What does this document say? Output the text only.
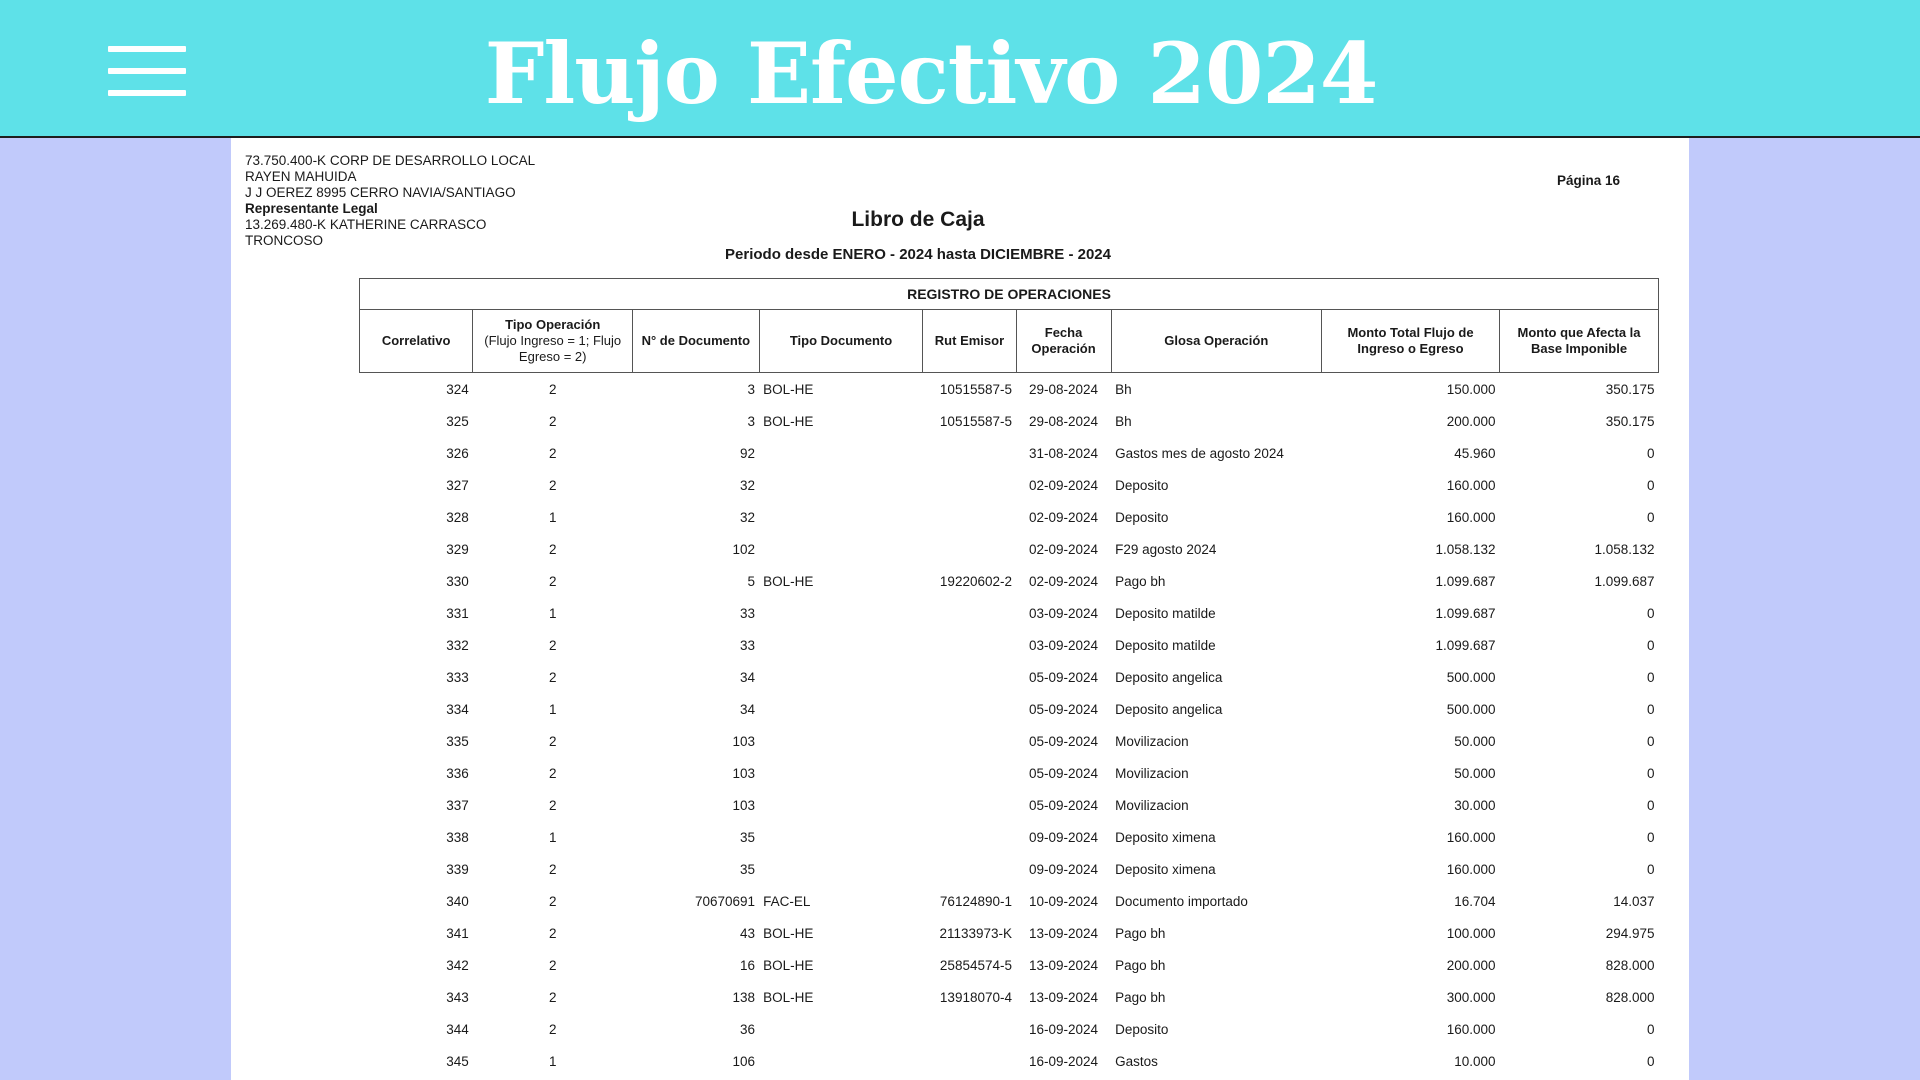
Flujo Efectivo 2024
73.750.400-K CORP DE DESARROLLO LOCAL
RAYEN MAHUIDA
J J OEREZ 8995 CERRO NAVIA/SANTIAGO
Representante Legal
13.269.480-K KATHERINE CARRASCO
TRONCOSO
Página 16
Libro de Caja
Periodo desde ENERO - 2024 hasta DICIEMBRE - 2024
REGISTRO DE OPERACIONES								
Correlativo	Tipo Operación
(Flujo Ingreso = 1; Flujo Egreso = 2)	N° de Documento	Tipo Documento	Rut Emisor	Fecha Operación	Glosa Operación	Monto Total Flujo de Ingreso o Egreso	Monto que Afecta la Base Imponible
324	2	3	BOL-HE	10515587-5	29-08-2024	Bh	150.000	350.175
325	2	3	BOL-HE	10515587-5	29-08-2024	Bh	200.000	350.175
326	2	92			31-08-2024	Gastos mes de agosto 2024	45.960	0
327	2	32			02-09-2024	Deposito	160.000	0
328	1	32			02-09-2024	Deposito	160.000	0
329	2	102			02-09-2024	F29 agosto 2024	1.058.132	1.058.132
330	2	5	BOL-HE	19220602-2	02-09-2024	Pago bh	1.099.687	1.099.687
331	1	33			03-09-2024	Deposito matilde	1.099.687	0
332	2	33			03-09-2024	Deposito matilde	1.099.687	0
333	2	34			05-09-2024	Deposito angelica	500.000	0
334	1	34			05-09-2024	Deposito angelica	500.000	0
335	2	103			05-09-2024	Movilizacion	50.000	0
336	2	103			05-09-2024	Movilizacion	50.000	0
337	2	103			05-09-2024	Movilizacion	30.000	0
338	1	35			09-09-2024	Deposito ximena	160.000	0
339	2	35			09-09-2024	Deposito ximena	160.000	0
340	2	70670691	FAC-EL	76124890-1	10-09-2024	Documento importado	16.704	14.037
341	2	43	BOL-HE	21133973-K	13-09-2024	Pago bh	100.000	294.975
342	2	16	BOL-HE	25854574-5	13-09-2024	Pago bh	200.000	828.000
343	2	138	BOL-HE	13918070-4	13-09-2024	Pago bh	300.000	828.000
344	2	36			16-09-2024	Deposito	160.000	0
345	1	106			16-09-2024	Gastos	10.000	0
